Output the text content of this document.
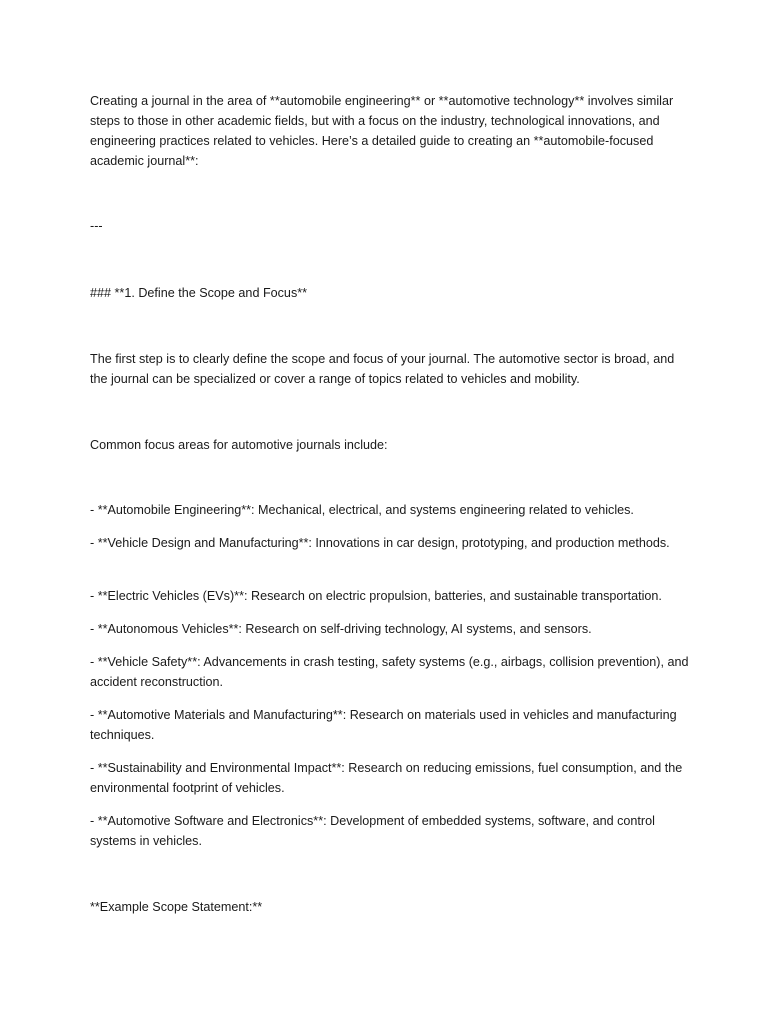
Creating a journal in the area of **automobile engineering** or **automotive technology** involves similar steps to those in other academic fields, but with a focus on the industry, technological innovations, and engineering practices related to vehicles. Here’s a detailed guide to creating an **automobile-focused academic journal**:

---

### **1. Define the Scope and Focus**

The first step is to clearly define the scope and focus of your journal. The automotive sector is broad, and the journal can be specialized or cover a range of topics related to vehicles and mobility.

Common focus areas for automotive journals include:

- **Automobile Engineering**: Mechanical, electrical, and systems engineering related to vehicles.

- **Vehicle Design and Manufacturing**: Innovations in car design, prototyping, and production methods.

- **Electric Vehicles (EVs)**: Research on electric propulsion, batteries, and sustainable transportation.

- **Autonomous Vehicles**: Research on self-driving technology, AI systems, and sensors.

- **Vehicle Safety**: Advancements in crash testing, safety systems (e.g., airbags, collision prevention), and accident reconstruction.

- **Automotive Materials and Manufacturing**: Research on materials used in vehicles and manufacturing techniques.

- **Sustainability and Environmental Impact**: Research on reducing emissions, fuel consumption, and the environmental footprint of vehicles.

- **Automotive Software and Electronics**: Development of embedded systems, software, and control systems in vehicles.

**Example Scope Statement:**
